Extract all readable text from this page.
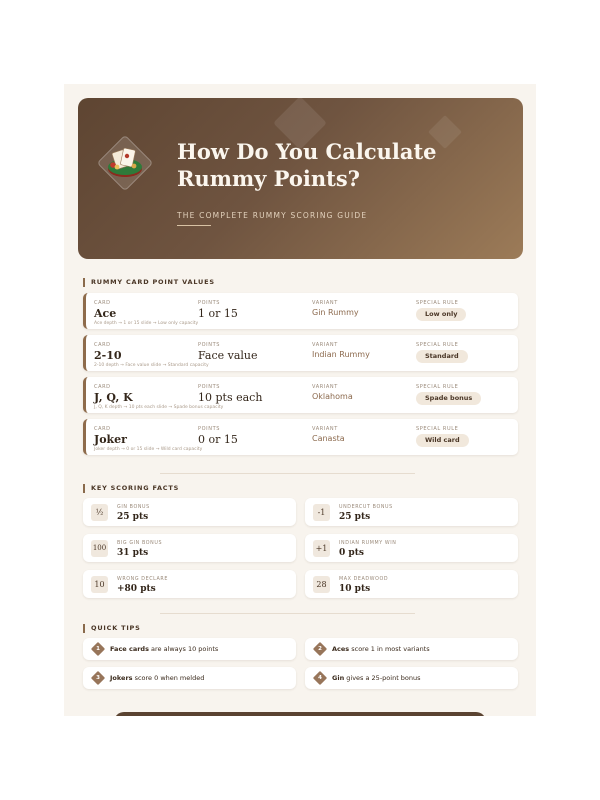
How Do You Calculate
Rummy Points?
THE COMPLETE RUMMY SCORING GUIDE
RUMMY CARD POINT VALUES
CARD	POINTS	VARIANT	SPECIAL RULE
Ace	1 or 15	Gin Rummy	Low only
Ace depth → 1 or 15 slide → Low only capacity
CARD	POINTS	VARIANT	SPECIAL RULE
2-10	Face value	Indian Rummy	Standard
2-10 depth → Face value slide → Standard capacity
CARD	POINTS	VARIANT	SPECIAL RULE
J, Q, K	10 pts each	Oklahoma	Spade bonus
J, Q, K depth → 10 pts each slide → Spade bonus capacity
CARD	POINTS	VARIANT	SPECIAL RULE
Joker	0 or 15	Canasta	Wild card
Joker depth → 0 or 15 slide → Wild card capacity
KEY SCORING FACTS
½
GIN BONUS
25 pts	-1
UNDERCUT BONUS
25 pts
100
BIG GIN BONUS
31 pts	+1
INDIAN RUMMY WIN
0 pts
10
WRONG DECLARE
+80 pts	28
MAX DEADWOOD
10 pts
QUICK TIPS
1	Face cards are always 10 points	2	Aces score 1 in most variants
3	Jokers score 0 when melded	4	Gin gives a 25-point bonus
